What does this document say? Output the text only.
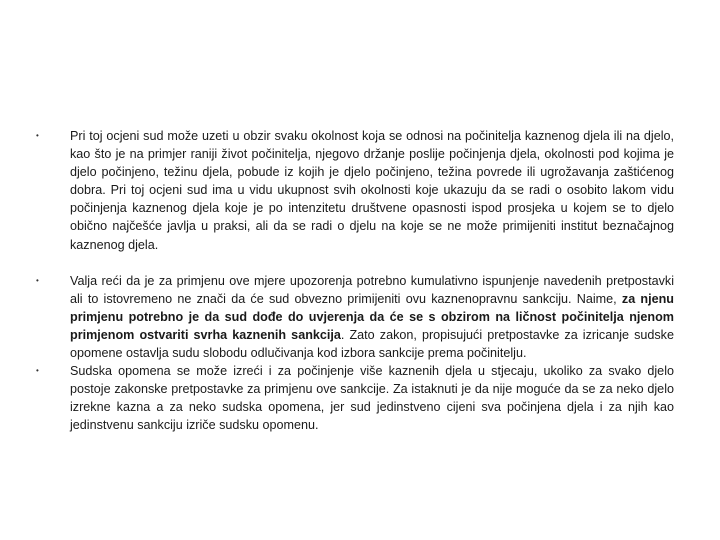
•	Pri toj ocjeni sud može uzeti u obzir svaku okolnost koja se odnosi na počinitelja kaznenog djela ili na djelo, kao što je na primjer raniji život počinitelja, njegovo držanje poslije počinjenja djela, okolnosti pod kojima je djelo počinjeno, težinu djela, pobude iz kojih je djelo počinjeno, težina povrede ili ugrožavanja zaštićenog dobra. Pri toj ocjeni sud ima u vidu ukupnost svih okolnosti koje ukazuju da se radi o osobito lakom vidu počinjenja kaznenog djela koje je po intenzitetu društvene opasnosti ispod prosjeka u kojem se to djelo obično najčešće javlja u praksi, ali da se radi o djelu na koje se ne može primijeniti institut beznačajnog kaznenog djela.
•	Valja reći da je za primjenu ove mjere upozorenja potrebno kumulativno ispunjenje navedenih pretpostavki ali to istovremeno ne znači da će sud obvezno primijeniti ovu kaznenopravnu sankciju. Naime, za njenu primjenu potrebno je da sud dođe do uvjerenja da će se s obzirom na ličnost počinitelja njenom primjenom ostvariti svrha kaznenih sankcija. Zato zakon, propisujući pretpostavke za izricanje sudske opomene ostavlja sudu slobodu odlučivanja kod izbora sankcije prema počinitelju.
•	Sudska opomena se može izreći i za počinjenje više kaznenih djela u stjecaju, ukoliko za svako djelo postoje zakonske pretpostavke za primjenu ove sankcije. Za istaknuti je da nije moguće da se za neko djelo izrekne kazna a za neko sudska opomena, jer sud jedinstveno cijeni sva počinjena djela i za njih kao jedinstvenu sankciju izriče sudsku opomenu.
